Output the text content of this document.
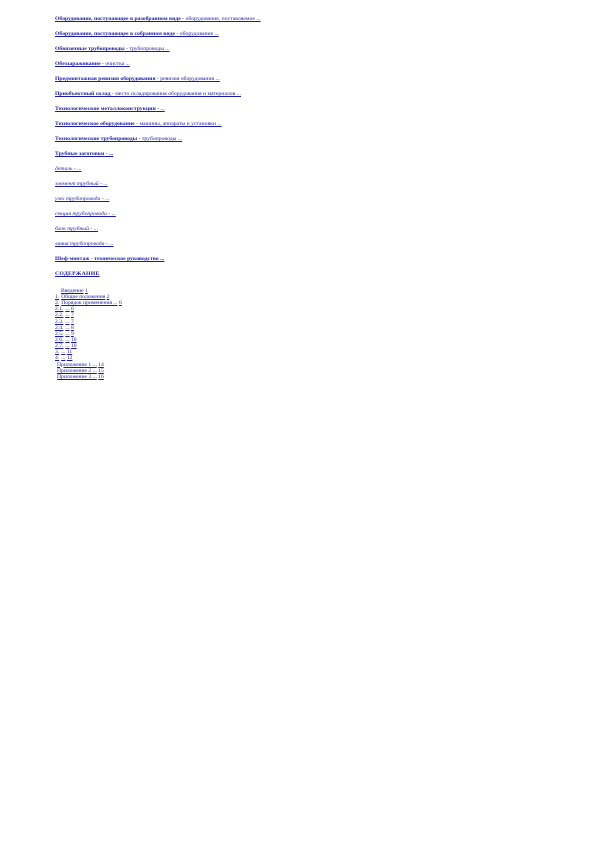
Оборудование, поступающее в разобранном виде - оборудование, поставляемое ...

Оборудование, поступающее в собранном виде - оборудование ...

Обвязочные трубопроводы - трубопроводы ...

Обеззараживание - очистка ...

Предмонтажная ревизия оборудования - ревизия оборудования ...

Приобъектный склад - место складирования оборудования и материалов ...

Технологические металлоконструкции - ...

Технологическое оборудование - машины, аппараты и установки ...

Технологические трубопроводы - трубопроводы ...

Трубные заготовки - ...

деталь - ...

элемент трубный - ...

узел трубопровода - ...

секция трубопровода - ...

блок трубный - ...

линия трубопровода - ...

Шеф-монтаж - техническое руководство ...

СОДЕРЖАНИЕ
Введение 1
1. Общие положения 2
2. Порядок применения ... 6
2.1. ... 6
2.2. ... 7
2.3. ... 7
2.4. ... 8
2.5. ... 9
2.6. ... 10
2.7. ... 10
3. ... 11
4. ... 12
Приложение 1 ... 14
Приложение 2 ... 15
Приложение 3 ... 16
